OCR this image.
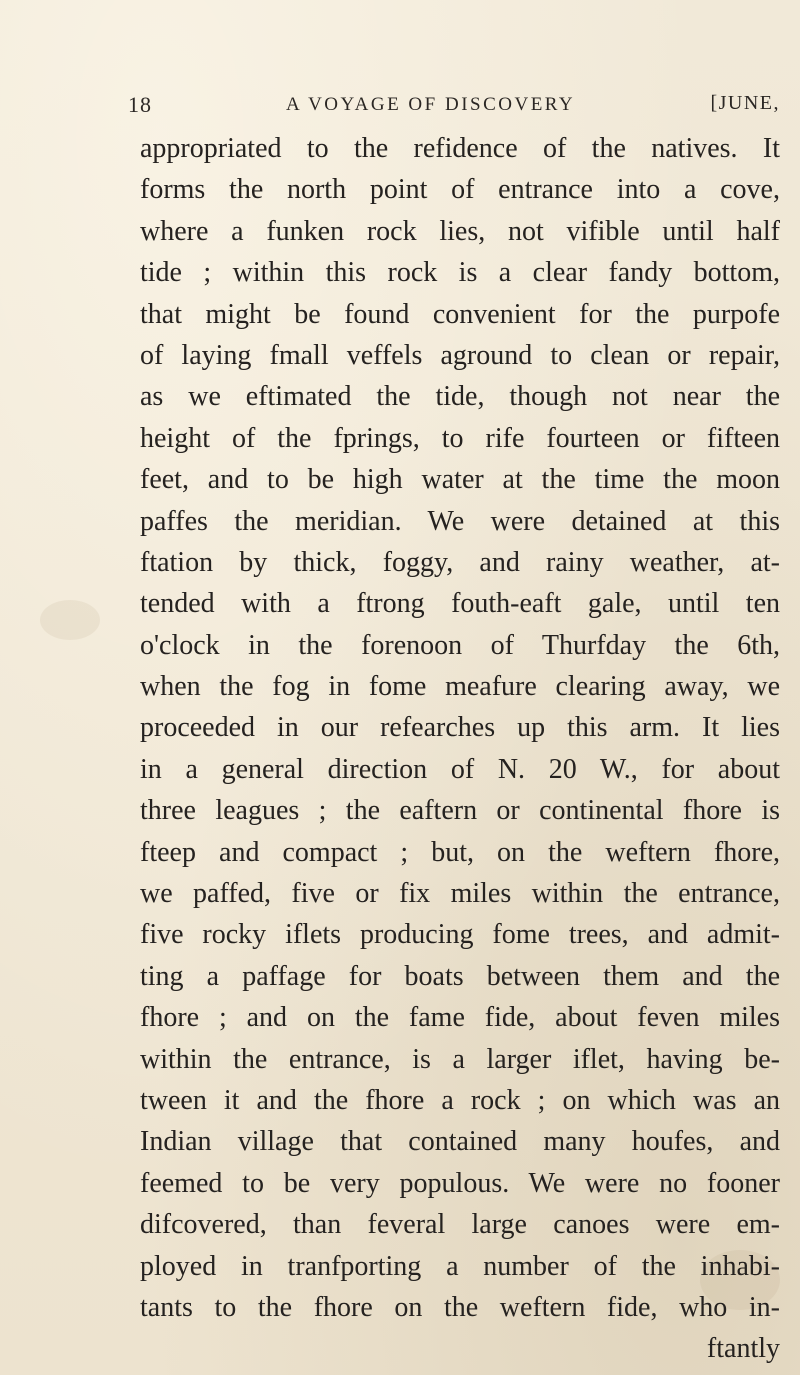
18	A VOYAGE OF DISCOVERY	[JUNE,
appropriated to the refidence of the natives. It
forms the north point of entrance into a cove,
where a funken rock lies, not vifible until half
tide ; within this rock is a clear fandy bottom,
that might be found convenient for the purpofe
of laying fmall veffels aground to clean or repair,
as we eftimated the tide, though not near the
height of the fprings, to rife fourteen or fifteen
feet, and to be high water at the time the moon
paffes the meridian. We were detained at this
ftation by thick, foggy, and rainy weather, at-
tended with a ftrong fouth-eaft gale, until ten
o'clock in the forenoon of Thurfday the 6th,
when the fog in fome meafure clearing away, we
proceeded in our refearches up this arm. It lies
in a general direction of N. 20 W., for about
three leagues ; the eaftern or continental fhore is
fteep and compact ; but, on the weftern fhore,
we paffed, five or fix miles within the entrance,
five rocky iflets producing fome trees, and admit-
ting a paffage for boats between them and the
fhore ; and on the fame fide, about feven miles
within the entrance, is a larger iflet, having be-
tween it and the fhore a rock ; on which was an
Indian village that contained many houfes, and
feemed to be very populous. We were no fooner
difcovered, than feveral large canoes were em-
ployed in tranfporting a number of the inhabi-
tants to the fhore on the weftern fide, who in-
ftantly
